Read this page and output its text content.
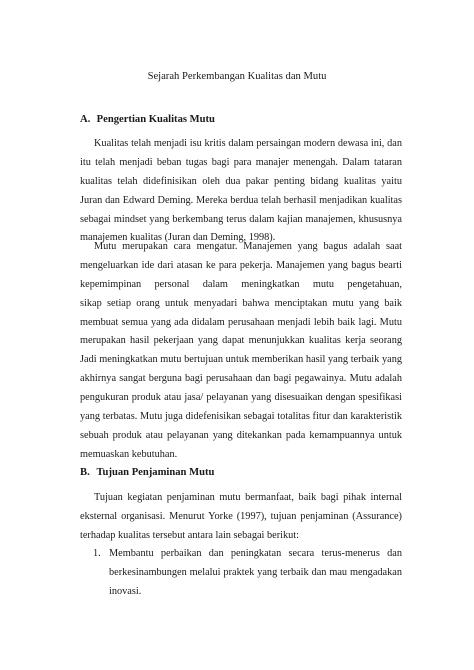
Sejarah Perkembangan Kualitas dan Mutu
A. Pengertian Kualitas Mutu
Kualitas telah menjadi isu kritis dalam persaingan modern dewasa ini, dan
itu telah menjadi beban tugas bagi para manajer menengah. Dalam tataran
kualitas telah didefinisikan oleh dua pakar penting bidang kualitas yaitu
Juran dan Edward Deming. Mereka berdua telah berhasil menjadikan kualitas
sebagai mindset yang berkembang terus dalam kajian manajemen, khususnya
manajemen kualitas (Juran dan Deming, 1998).
Mutu merupakan cara mengatur. Manajemen yang bagus adalah saat
mengeluarkan ide dari atasan ke para pekerja. Manajemen yang bagus bearti
kepemimpinan personal dalam meningkatkan mutu pengetahuan,
sikap setiap orang untuk menyadari bahwa menciptakan mutu yang baik
membuat semua yang ada didalam perusahaan menjadi lebih baik lagi. Mutu
merupakan hasil pekerjaan yang dapat menunjukkan kualitas kerja seorang
Jadi meningkatkan mutu bertujuan untuk memberikan hasil yang terbaik yang
akhirnya sangat berguna bagi perusahaan dan bagi pegawainya. Mutu adalah
pengukuran produk atau jasa/ pelayanan yang disesuaikan dengan spesifikasi
yang terbatas. Mutu juga didefenisikan sebagai totalitas fitur dan karakteristik
sebuah produk atau pelayanan yang ditekankan pada kemampuannya untuk
memuaskan kebutuhan.
B. Tujuan Penjaminan Mutu
Tujuan kegiatan penjaminan mutu bermanfaat, baik bagi pihak internal
eksternal organisasi. Menurut Yorke (1997), tujuan penjaminan (Assurance)
terhadap kualitas tersebut antara lain sebagai berikut:
1. Membantu perbaikan dan peningkatan secara terus-menerus dan
berkesinambungen melalui praktek yang terbaik dan mau mengadakan
inovasi.
